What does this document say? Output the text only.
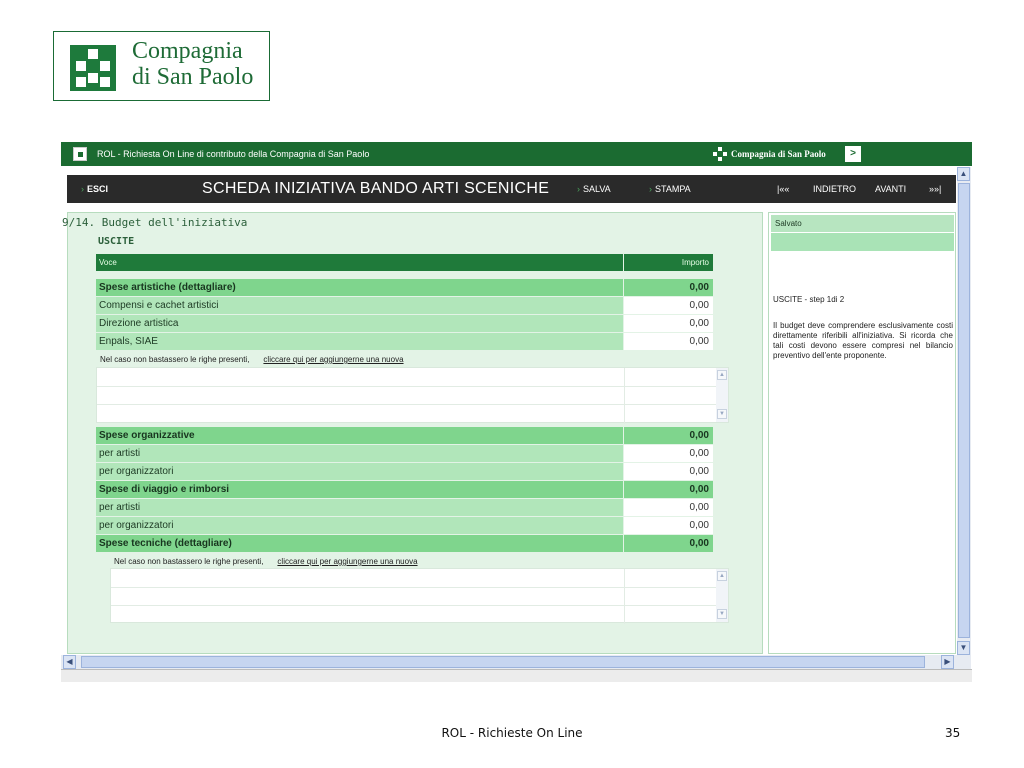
Compagnia
di San Paolo
ROL - Richiesta On Line di contributo della Compagnia di San Paolo	Compagnia di San Paolo	>
› ESCI	SCHEDA INIZIATIVA BANDO ARTI SCENICHE	› SALVA	› STAMPA	|««	INDIETRO AVANTI	»»|
9/14. Budget dell'iniziativa
USCITE
Voce	Importo
Spese artistiche (dettagliare)	0,00
Compensi e cachet artistici	0,00
Direzione artistica	0,00
Enpals, SIAE	0,00
Nel caso non bastassero le righe presenti, cliccare qui per aggiungerne una nuova
▲
▼
Spese organizzative	0,00
per artisti	0,00
per organizzatori	0,00
Spese di viaggio e rimborsi	0,00
per artisti	0,00
per organizzatori	0,00
Spese tecniche (dettagliare)	0,00
Nel caso non bastassero le righe presenti, cliccare qui per aggiungerne una nuova
▲
▼
Salvato
USCITE - step 1di 2
Il budget deve comprendere esclusivamente costi direttamente riferibili all'iniziativa. Si ricorda che tali costi devono essere compresi nel bilancio preventivo dell'ente proponente.
▲
▼
◀	▶
ROL - Richieste On Line	35
